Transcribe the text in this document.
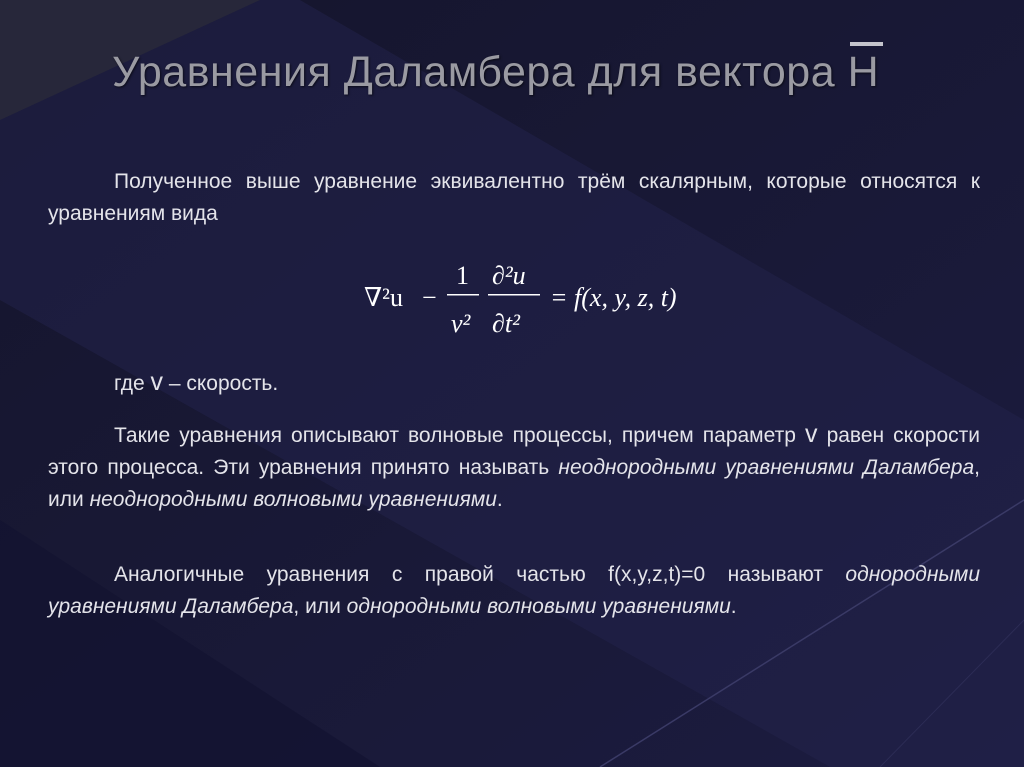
Уравнения Даламбера для вектора H
Полученное выше уравнение эквивалентно трём скалярным, которые относятся к уравнениям вида
∇²u −
1
v²
∂²u
∂t²
= f(x, y, z, t)
где v – скорость.
Такие уравнения описывают волновые процессы, причем параметр v равен скорости этого процесса. Эти уравнения принято называть неоднородными уравнениями Даламбера, или неоднородными волновыми уравнениями.
Аналогичные уравнения с правой частью f(x,y,z,t)=0 называют однородными уравнениями Даламбера, или однородными волновыми уравнениями.
